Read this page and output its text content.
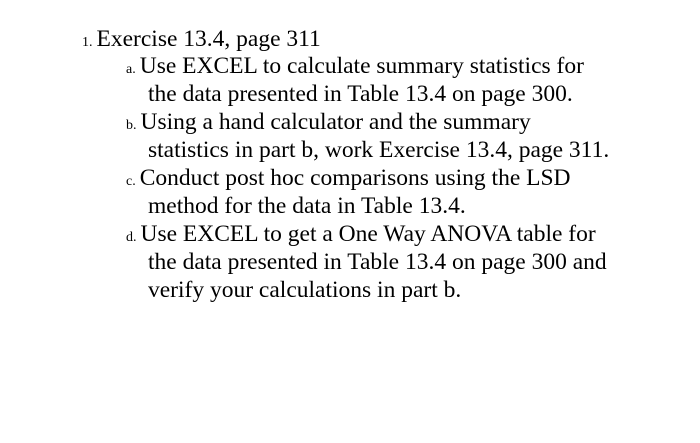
1. Exercise 13.4, page 311
a. Use EXCEL to calculate summary statistics for
the data presented in Table 13.4 on page 300.
b. Using a hand calculator and the summary
statistics in part b, work Exercise 13.4, page 311.
c. Conduct post hoc comparisons using the LSD
method for the data in Table 13.4.
d. Use EXCEL to get a One Way ANOVA table for
the data presented in Table 13.4 on page 300 and
verify your calculations in part b.
